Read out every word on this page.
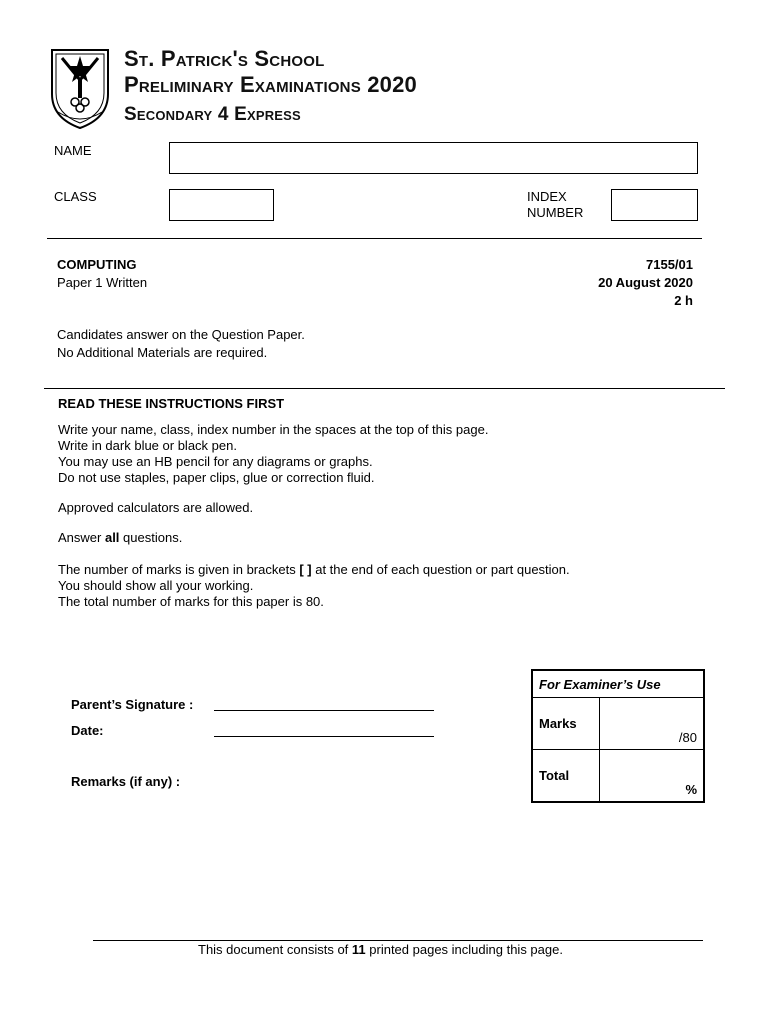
St. Patrick's School
Preliminary Examinations 2020
Secondary 4 Express
NAME
CLASS	INDEX
NUMBER
COMPUTING
Paper 1 Written
7155/01
20 August 2020
2 h
Candidates answer on the Question Paper.
No Additional Materials are required.

READ THESE INSTRUCTIONS FIRST

Write your name, class, index number in the spaces at the top of this page.

Write in dark blue or black pen.

You may use an HB pencil for any diagrams or graphs.

Do not use staples, paper clips, glue or correction fluid.

Approved calculators are allowed.

Answer all questions.

The number of marks is given in brackets [ ] at the end of each question or part question.

You should show all your working.

The total number of marks for this paper is 80.

Parent’s Signature :
Date:
Remarks (if any) :
For Examiner’s Use	
Marks	/80
Total	%
This document consists of 11 printed pages including this page.
